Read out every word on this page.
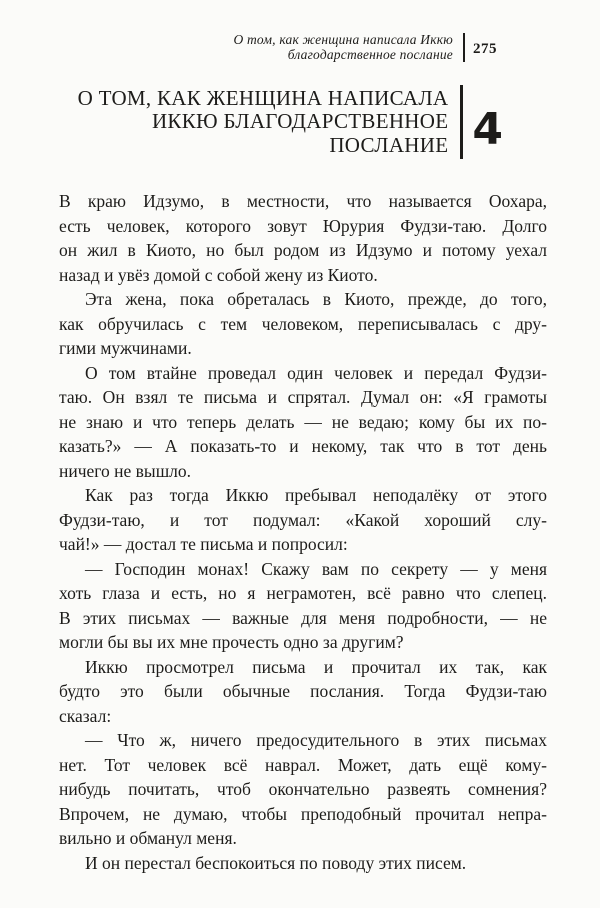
О том, как женщина написала Иккю
благодарственное послание 275
О ТОМ, КАК ЖЕНЩИНА НАПИСАЛА
ИККЮ БЛАГОДАРСТВЕННОЕ
ПОСЛАНИЕ 4
В краю Идзумо, в местности, что называется Оохара,
есть человек, которого зовут Юрурия Фудзи-таю. Долго
он жил в Киото, но был родом из Идзумо и потому уехал
назад и увёз домой с собой жену из Киото.
Эта жена, пока обреталась в Киото, прежде, до того,
как обручилась с тем человеком, переписывалась с дру-
гими мужчинами.
О том втайне проведал один человек и передал Фудзи-
таю. Он взял те письма и спрятал. Думал он: «Я грамоты
не знаю и что теперь делать — не ведаю; кому бы их по-
казать?» — А показать-то и некому, так что в тот день
ничего не вышло.
Как раз тогда Иккю пребывал неподалёку от этого
Фудзи-таю, и тот подумал: «Какой хороший слу-
чай!» — достал те письма и попросил:
— Господин монах! Скажу вам по секрету — у меня
хоть глаза и есть, но я неграмотен, всё равно что слепец.
В этих письмах — важные для меня подробности, — не
могли бы вы их мне прочесть одно за другим?
Иккю просмотрел письма и прочитал их так, как
будто это были обычные послания. Тогда Фудзи-таю
сказал:
— Что ж, ничего предосудительного в этих письмах
нет. Тот человек всё наврал. Может, дать ещё кому-
нибудь почитать, чтоб окончательно развеять сомнения?
Впрочем, не думаю, чтобы преподобный прочитал непра-
вильно и обманул меня.
И он перестал беспокоиться по поводу этих писем.
